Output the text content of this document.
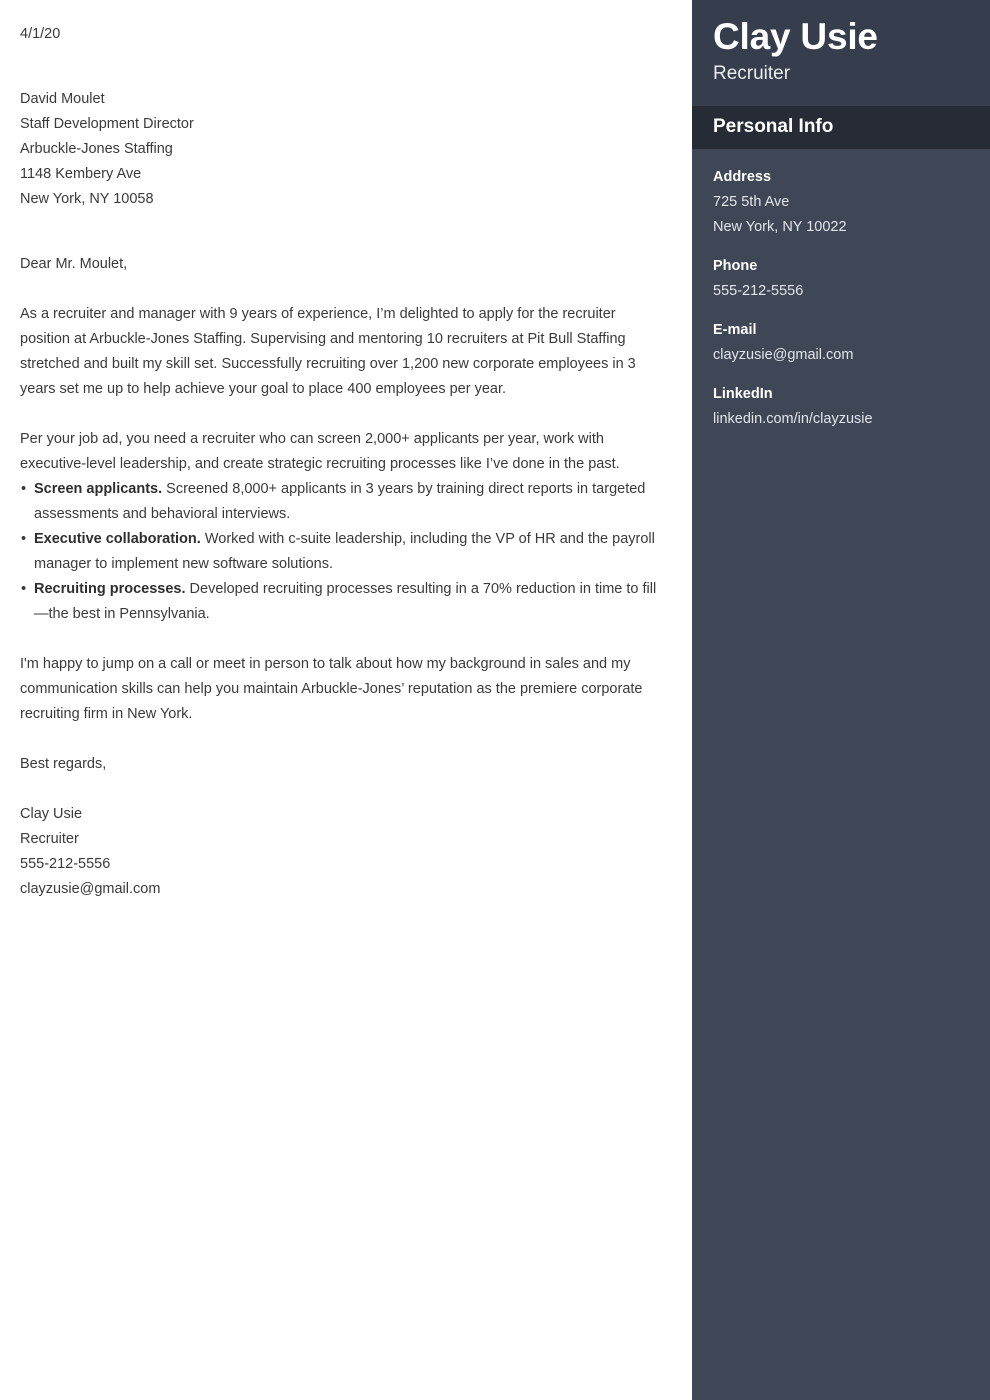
4/1/20
David Moulet
Staff Development Director
Arbuckle-Jones Staffing
1148 Kembery Ave
New York, NY 10058
Dear Mr. Moulet,

As a recruiter and manager with 9 years of experience, I’m delighted to apply for the recruiter position at Arbuckle-Jones Staffing. Supervising and mentoring 10 recruiters at Pit Bull Staffing stretched and built my skill set. Successfully recruiting over 1,200 new corporate employees in 3 years set me up to help achieve your goal to place 400 employees per year.

Per your job ad, you need a recruiter who can screen 2,000+ applicants per year, work with executive-level leadership, and create strategic recruiting processes like I’ve done in the past.

• Screen applicants. Screened 8,000+ applicants in 3 years by training direct reports in targeted assessments and behavioral interviews.
• Executive collaboration. Worked with c-suite leadership, including the VP of HR and the payroll manager to implement new software solutions.
• Recruiting processes. Developed recruiting processes resulting in a 70% reduction in time to fill—the best in Pennsylvania.

I'm happy to jump on a call or meet in person to talk about how my background in sales and my communication skills can help you maintain Arbuckle-Jones’ reputation as the premiere corporate recruiting firm in New York.

Best regards,
Clay Usie
Recruiter
555-212-5556
clayzusie@gmail.com
Clay Usie
Recruiter
Personal Info
Address
725 5th Ave
New York, NY 10022
Phone
555-212-5556
E-mail
clayzusie@gmail.com
LinkedIn
linkedin.com/in/clayzusie
